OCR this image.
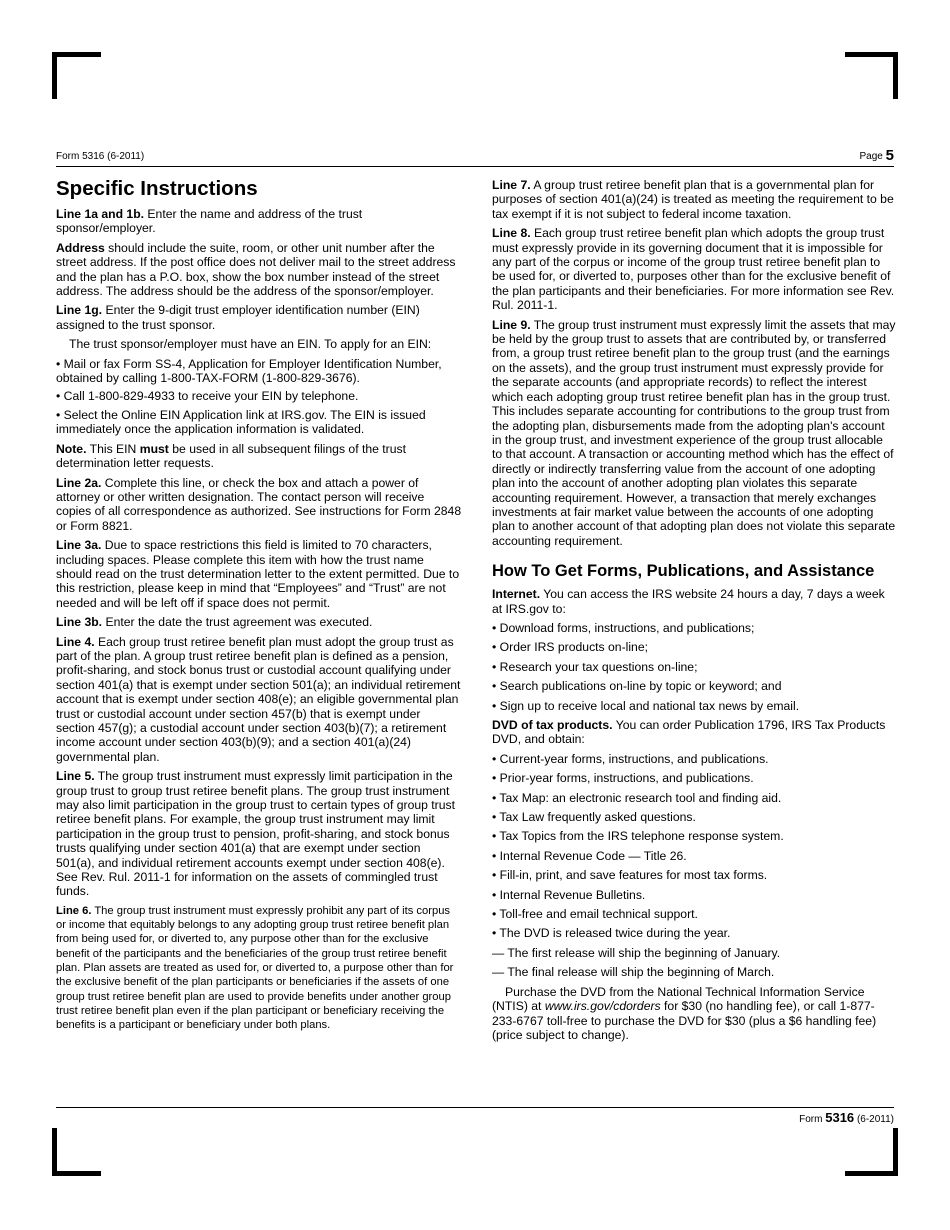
Form 5316 (6-2011)	Page 5
Specific Instructions

Line 1a and 1b. Enter the name and address of the trust sponsor/employer.

Address should include the suite, room, or other unit number after the street address. If the post office does not deliver mail to the street address and the plan has a P.O. box, show the box number instead of the street address. The address should be the address of the sponsor/employer.

Line 1g. Enter the 9-digit trust employer identification number (EIN) assigned to the trust sponsor.

The trust sponsor/employer must have an EIN. To apply for an EIN:

• Mail or fax Form SS-4, Application for Employer Identification Number, obtained by calling 1-800-TAX-FORM (1-800-829-3676).

• Call 1-800-829-4933 to receive your EIN by telephone.

• Select the Online EIN Application link at IRS.gov. The EIN is issued immediately once the application information is validated.

Note. This EIN must be used in all subsequent filings of the trust determination letter requests.

Line 2a. Complete this line, or check the box and attach a power of attorney or other written designation. The contact person will receive copies of all correspondence as authorized. See instructions for Form 2848 or Form 8821.

Line 3a. Due to space restrictions this field is limited to 70 characters, including spaces. Please complete this item with how the trust name should read on the trust determination letter to the extent permitted. Due to this restriction, please keep in mind that “Employees” and “Trust” are not needed and will be left off if space does not permit.

Line 3b. Enter the date the trust agreement was executed.

Line 4. Each group trust retiree benefit plan must adopt the group trust as part of the plan. A group trust retiree benefit plan is defined as a pension, profit-sharing, and stock bonus trust or custodial account qualifying under section 401(a) that is exempt under section 501(a); an individual retirement account that is exempt under section 408(e); an eligible governmental plan trust or custodial account under section 457(b) that is exempt under section 457(g); a custodial account under section 403(b)(7); a retirement income account under section 403(b)(9); and a section 401(a)(24) governmental plan.

Line 5. The group trust instrument must expressly limit participation in the group trust to group trust retiree benefit plans. The group trust instrument may also limit participation in the group trust to certain types of group trust retiree benefit plans. For example, the group trust instrument may limit participation in the group trust to pension, profit-sharing, and stock bonus trusts qualifying under section 401(a) that are exempt under section 501(a), and individual retirement accounts exempt under section 408(e). See Rev. Rul. 2011-1 for information on the assets of commingled trust funds.

Line 6. The group trust instrument must expressly prohibit any part of its corpus or income that equitably belongs to any adopting group trust retiree benefit plan from being used for, or diverted to, any purpose other than for the exclusive benefit of the participants and the beneficiaries of the group trust retiree benefit plan. Plan assets are treated as used for, or diverted to, a purpose other than for the exclusive benefit of the plan participants or beneficiaries if the assets of one group trust retiree benefit plan are used to provide benefits under another group trust retiree benefit plan even if the plan participant or beneficiary receiving the benefits is a participant or beneficiary under both plans.

Line 7. A group trust retiree benefit plan that is a governmental plan for purposes of section 401(a)(24) is treated as meeting the requirement to be tax exempt if it is not subject to federal income taxation.

Line 8. Each group trust retiree benefit plan which adopts the group trust must expressly provide in its governing document that it is impossible for any part of the corpus or income of the group trust retiree benefit plan to be used for, or diverted to, purposes other than for the exclusive benefit of the plan participants and their beneficiaries. For more information see Rev. Rul. 2011-1.

Line 9. The group trust instrument must expressly limit the assets that may be held by the group trust to assets that are contributed by, or transferred from, a group trust retiree benefit plan to the group trust (and the earnings on the assets), and the group trust instrument must expressly provide for the separate accounts (and appropriate records) to reflect the interest which each adopting group trust retiree benefit plan has in the group trust. This includes separate accounting for contributions to the group trust from the adopting plan, disbursements made from the adopting plan's account in the group trust, and investment experience of the group trust allocable to that account. A transaction or accounting method which has the effect of directly or indirectly transferring value from the account of one adopting plan into the account of another adopting plan violates this separate accounting requirement. However, a transaction that merely exchanges investments at fair market value between the accounts of one adopting plan to another account of that adopting plan does not violate this separate accounting requirement.

How To Get Forms, Publications, and Assistance

Internet. You can access the IRS website 24 hours a day, 7 days a week at IRS.gov to:

• Download forms, instructions, and publications;

• Order IRS products on-line;

• Research your tax questions on-line;

• Search publications on-line by topic or keyword; and

• Sign up to receive local and national tax news by email.

DVD of tax products. You can order Publication 1796, IRS Tax Products DVD, and obtain:

• Current-year forms, instructions, and publications.

• Prior-year forms, instructions, and publications.

• Tax Map: an electronic research tool and finding aid.

• Tax Law frequently asked questions.

• Tax Topics from the IRS telephone response system.

• Internal Revenue Code — Title 26.

• Fill-in, print, and save features for most tax forms.

• Internal Revenue Bulletins.

• Toll-free and email technical support.

• The DVD is released twice during the year.

— The first release will ship the beginning of January.

— The final release will ship the beginning of March.

Purchase the DVD from the National Technical Information Service (NTIS) at www.irs.gov/cdorders for $30 (no handling fee), or call 1-877-233-6767 toll-free to purchase the DVD for $30 (plus a $6 handling fee) (price subject to change).

Form 5316 (6-2011)
